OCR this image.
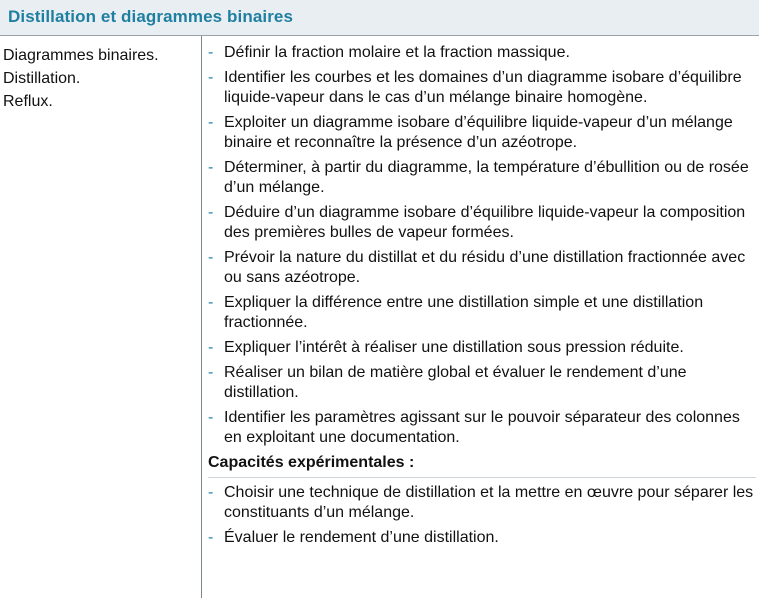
Distillation et diagrammes binaires
Diagrammes binaires.
Distillation.
Reflux.
- Définir la fraction molaire et la fraction massique.
- Identifier les courbes et les domaines d’un diagramme isobare d’équilibre liquide-vapeur dans le cas d’un mélange binaire homogène.
- Exploiter un diagramme isobare d’équilibre liquide-vapeur d’un mélange binaire et reconnaître la présence d’un azéotrope.
- Déterminer, à partir du diagramme, la température d’ébullition ou de rosée d’un mélange.
- Déduire d’un diagramme isobare d’équilibre liquide-vapeur la composition des premières bulles de vapeur formées.
- Prévoir la nature du distillat et du résidu d’une distillation fractionnée avec ou sans azéotrope.
- Expliquer la différence entre une distillation simple et une distillation fractionnée.
- Expliquer l’intérêt à réaliser une distillation sous pression réduite.
- Réaliser un bilan de matière global et évaluer le rendement d’une distillation.
- Identifier les paramètres agissant sur le pouvoir séparateur des colonnes en exploitant une documentation.
Capacités expérimentales :
- Choisir une technique de distillation et la mettre en œuvre pour séparer les constituants d’un mélange.
- Évaluer le rendement d’une distillation.
